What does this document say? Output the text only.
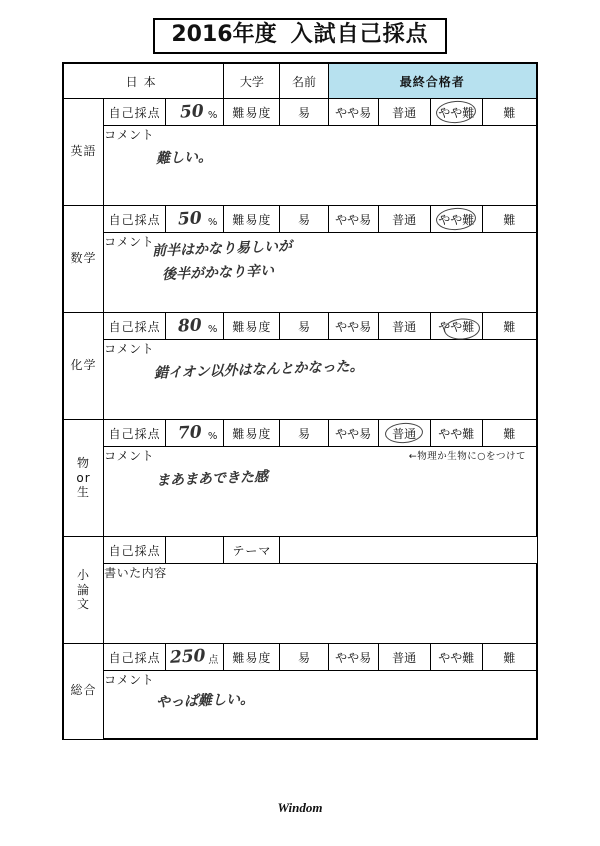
2016年度 入試自己採点
日本			大学	名前	最終合格者			
英語	自己採点	50 %	難易度	易	やや易	普通	やや難	難
	コメント							

	難しい。							

数学	自己採点	50 %	難易度	易	やや易	普通	やや難	難
	コメント							

	前半はかなり易しいが
後半がかなり辛い							

化学	自己採点	80 %	難易度	易	やや易	普通	やや難	難
	コメント							

	錯イオン以外はなんとかなった。							

物
or
生
	自己採点	70 %	難易度	易	やや易	普通	やや難	難
	コメント ←物理か生物に○をつけて							

	まあまあできた感							

小
論
文	自己採点		テーマ					
	書いた内容							

総合	自己採点	250 点	難易度	易	やや易	普通	やや難	難
	コメント							

	やっぱ難しい。							
Windom
